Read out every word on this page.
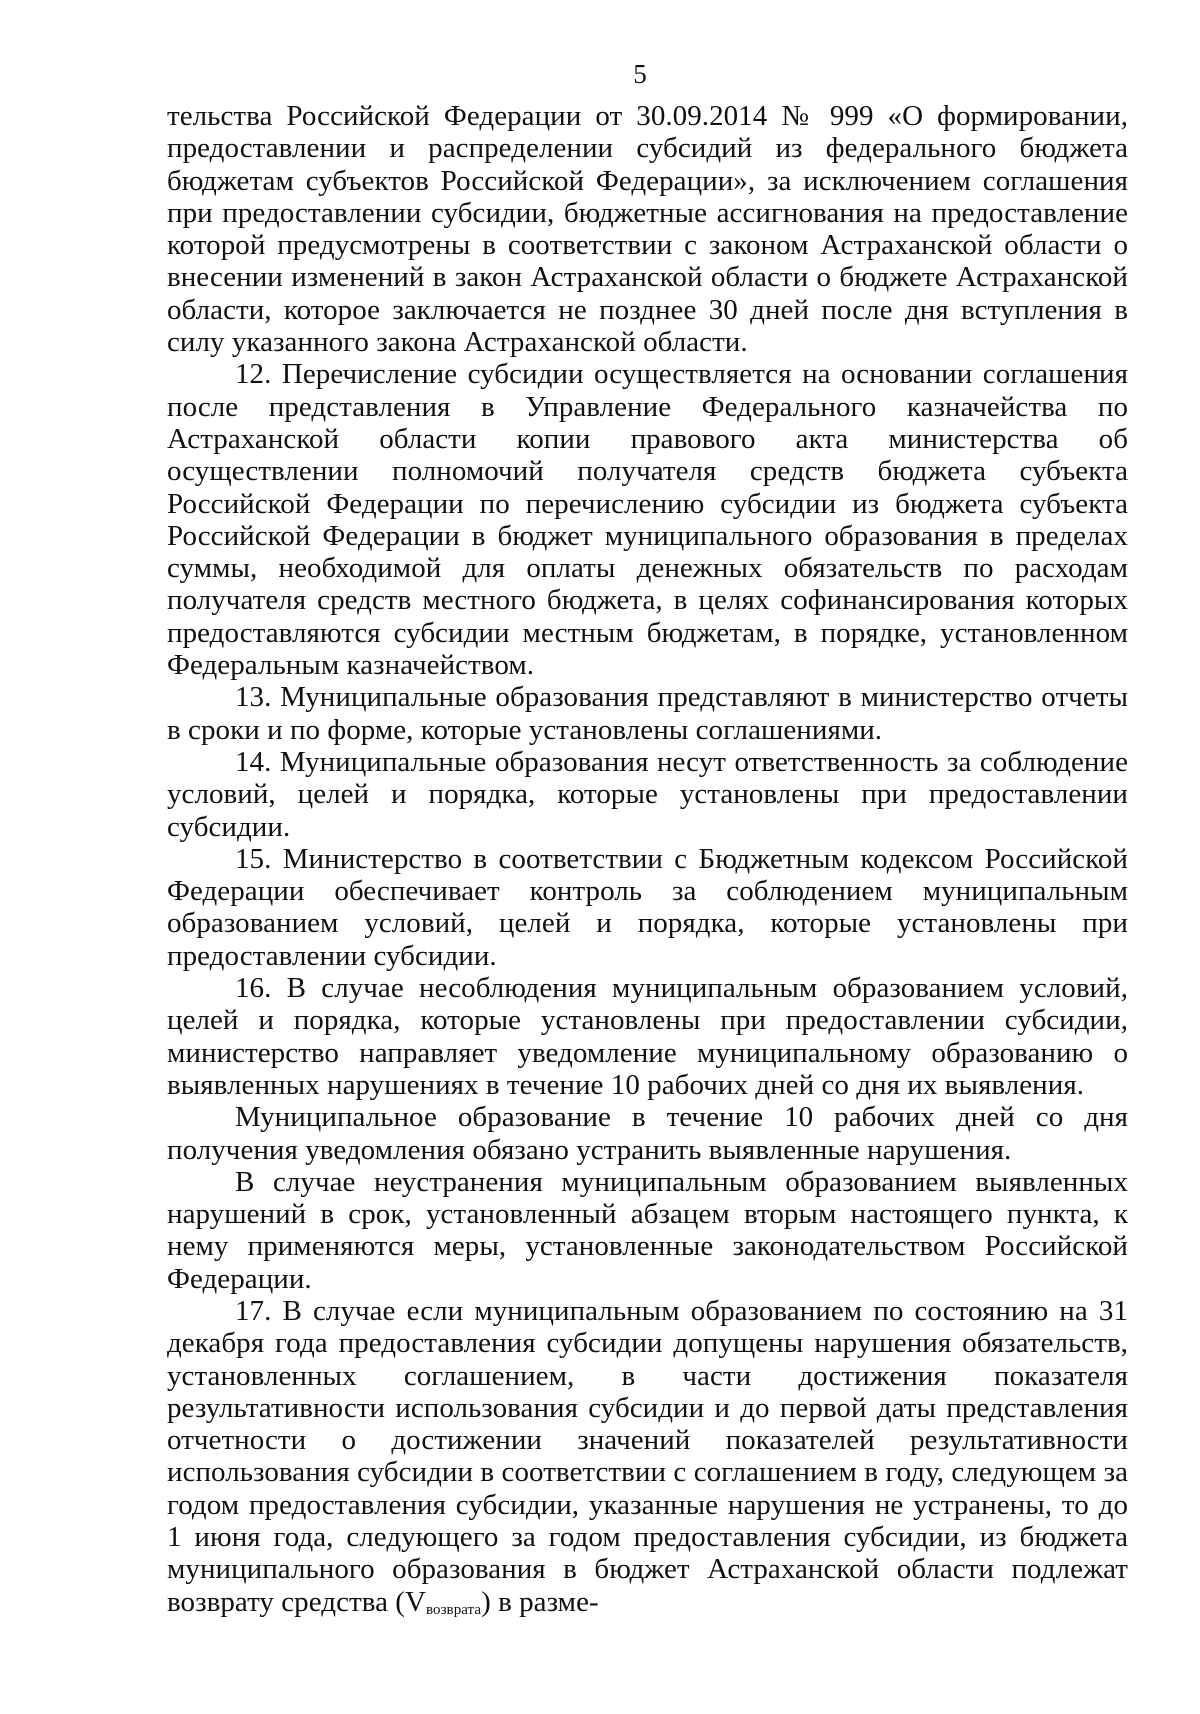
5

тельства Российской Федерации от 30.09.2014 № 999 «О формировании, предоставлении и распределении субсидий из федерального бюджета бюджетам субъектов Российской Федерации», за исключением соглашения при предоставлении субсидии, бюджетные ассигнования на предоставление которой предусмотрены в соответствии с законом Астраханской области о внесении изменений в закон Астраханской области о бюджете Астраханской области, которое заключается не позднее 30 дней после дня вступления в силу указанного закона Астраханской области.

12. Перечисление субсидии осуществляется на основании соглашения после представления в Управление Федерального казначейства по Астраханской области копии правового акта министерства об осуществлении полномочий получателя средств бюджета субъекта Российской Федерации по перечислению субсидии из бюджета субъекта Российской Федерации в бюджет муниципального образования в пределах суммы, необходимой для оплаты денежных обязательств по расходам получателя средств местного бюджета, в целях софинансирования которых предоставляются субсидии местным бюджетам, в порядке, установленном Федеральным казначейством.

13. Муниципальные образования представляют в министерство отчеты в сроки и по форме, которые установлены соглашениями.

14. Муниципальные образования несут ответственность за соблюдение условий, целей и порядка, которые установлены при предоставлении субсидии.

15. Министерство в соответствии с Бюджетным кодексом Российской Федерации обеспечивает контроль за соблюдением муниципальным образованием условий, целей и порядка, которые установлены при предоставлении субсидии.

16. В случае несоблюдения муниципальным образованием условий, целей и порядка, которые установлены при предоставлении субсидии, министерство направляет уведомление муниципальному образованию о выявленных нарушениях в течение 10 рабочих дней со дня их выявления.

Муниципальное образование в течение 10 рабочих дней со дня получения уведомления обязано устранить выявленные нарушения.

В случае неустранения муниципальным образованием выявленных нарушений в срок, установленный абзацем вторым настоящего пункта, к нему применяются меры, установленные законодательством Российской Федерации.

17. В случае если муниципальным образованием по состоянию на 31 декабря года предоставления субсидии допущены нарушения обязательств, установленных соглашением, в части достижения показателя результативности использования субсидии и до первой даты представления отчетности о достижении значений показателей результативности использования субсидии в соответствии с соглашением в году, следующем за годом предоставления субсидии, указанные нарушения не устранены, то до 1 июня года, следующего за годом предоставления субсидии, из бюджета муниципального образования в бюджет Астраханской области подлежат возврату средства $(V_{возврата})$ в разме-
